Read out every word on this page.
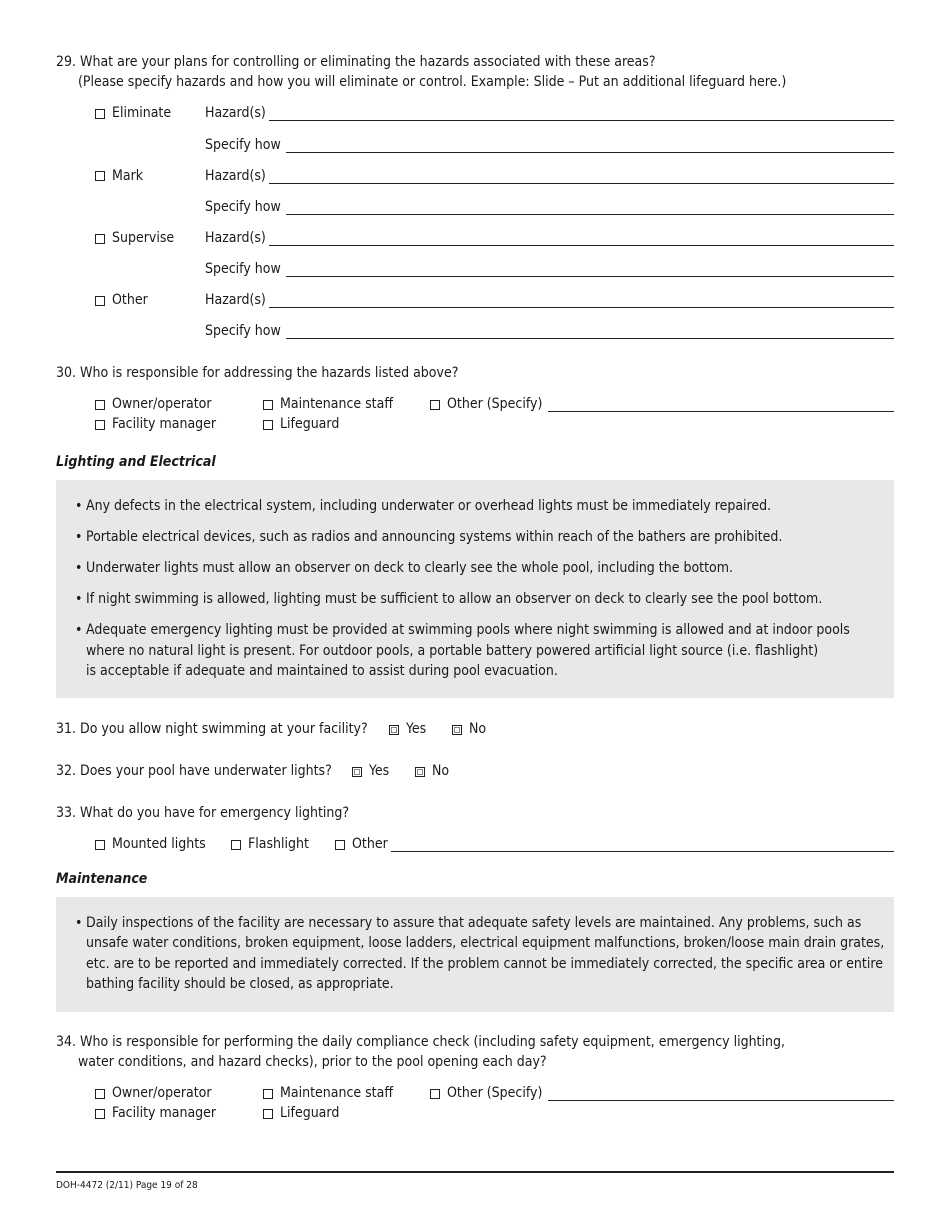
29. What are your plans for controlling or eliminating the hazards associated with these areas?
(Please specify hazards and how you will eliminate or control. Example: Slide – Put an additional lifeguard here.)
Eliminate Hazard(s)
Specify how
Mark	Hazard(s)
Specify how
Supervise Hazard(s)
Specify how
Other	Hazard(s)
Specify how
30. Who is responsible for addressing the hazards listed above?
Owner/operator	Maintenance staff	Other (Specify)
Facility manager	Lifeguard
Lighting and Electrical
• Any defects in the electrical system, including underwater or overhead lights must be immediately repaired.
• Portable electrical devices, such as radios and announcing systems within reach of the bathers are prohibited.
• Underwater lights must allow an observer on deck to clearly see the whole pool, including the bottom.
• If night swimming is allowed, lighting must be sufficient to allow an observer on deck to clearly see the pool bottom.
• Adequate emergency lighting must be provided at swimming pools where night swimming is allowed and at indoor pools
where no natural light is present. For outdoor pools, a portable battery powered artificial light source (i.e. flashlight)
is acceptable if adequate and maintained to assist during pool evacuation.
31. Do you allow night swimming at your facility?	Yes	No
32. Does your pool have underwater lights?	Yes	No
33. What do you have for emergency lighting?
Mounted lights	Flashlight	Other
Maintenance
• Daily inspections of the facility are necessary to assure that adequate safety levels are maintained. Any problems, such as
unsafe water conditions, broken equipment, loose ladders, electrical equipment malfunctions, broken/loose main drain grates,
etc. are to be reported and immediately corrected. If the problem cannot be immediately corrected, the specific area or entire
bathing facility should be closed, as appropriate.
34. Who is responsible for performing the daily compliance check (including safety equipment, emergency lighting,
water conditions, and hazard checks), prior to the pool opening each day?
Owner/operator	Maintenance staff	Other (Specify)
Facility manager	Lifeguard
DOH-4472 (2/11) Page 19 of 28
